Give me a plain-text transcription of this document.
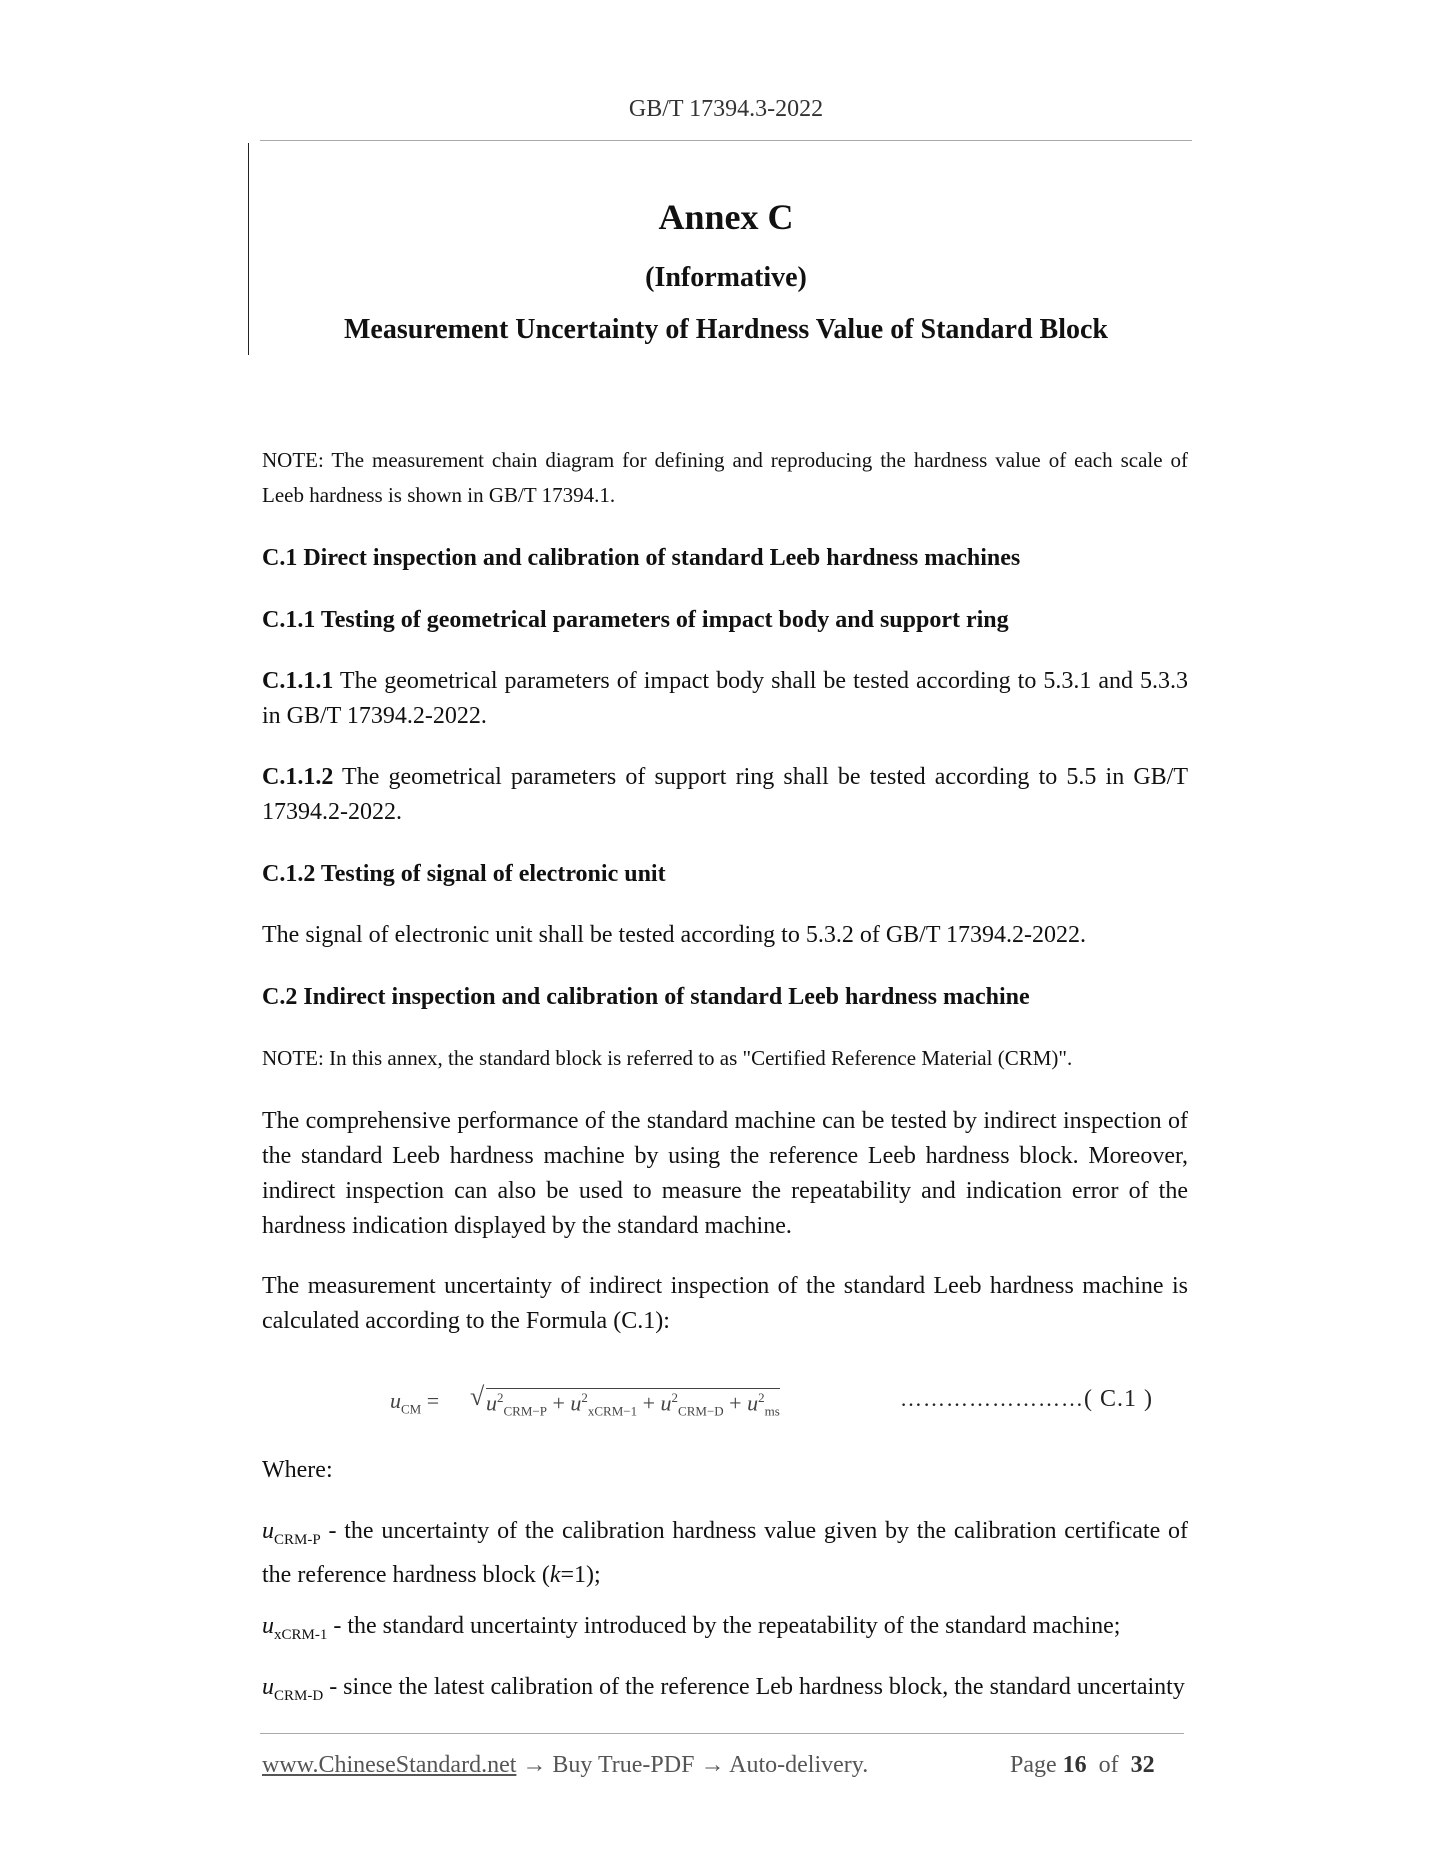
GB/T 17394.3-2022
Annex C
(Informative)
Measurement Uncertainty of Hardness Value of Standard Block
NOTE: The measurement chain diagram for defining and reproducing the hardness value of each scale of Leeb hardness is shown in GB/T 17394.1.
C.1 Direct inspection and calibration of standard Leeb hardness machines
C.1.1 Testing of geometrical parameters of impact body and support ring
C.1.1.1 The geometrical parameters of impact body shall be tested according to 5.3.1 and 5.3.3 in GB/T 17394.2-2022.
C.1.1.2 The geometrical parameters of support ring shall be tested according to 5.5 in GB/T 17394.2-2022.
C.1.2 Testing of signal of electronic unit
The signal of electronic unit shall be tested according to 5.3.2 of GB/T 17394.2-2022.
C.2 Indirect inspection and calibration of standard Leeb hardness machine
NOTE: In this annex, the standard block is referred to as "Certified Reference Material (CRM)".
The comprehensive performance of the standard machine can be tested by indirect inspection of the standard Leeb hardness machine by using the reference Leeb hardness block. Moreover, indirect inspection can also be used to measure the repeatability and indication error of the hardness indication displayed by the standard machine.
The measurement uncertainty of indirect inspection of the standard Leeb hardness machine is calculated according to the Formula (C.1):
$u_{CM}$ = √ $u^2_{CRM-P} + u^2_{xCRM-1} + u^2_{CRM-D} + u^2_{ms}$
……………………( C.1 )
Where:
$u_{CRM-P}$ - the uncertainty of the calibration hardness value given by the calibration certificate of the reference hardness block (k=1);
$u_{xCRM-1}$ - the standard uncertainty introduced by the repeatability of the standard machine;
$u_{CRM-D}$ - since the latest calibration of the reference Leb hardness block, the standard uncertainty
www.ChineseStandard.net → Buy True-PDF → Auto-delivery.	Page 16 of 32
